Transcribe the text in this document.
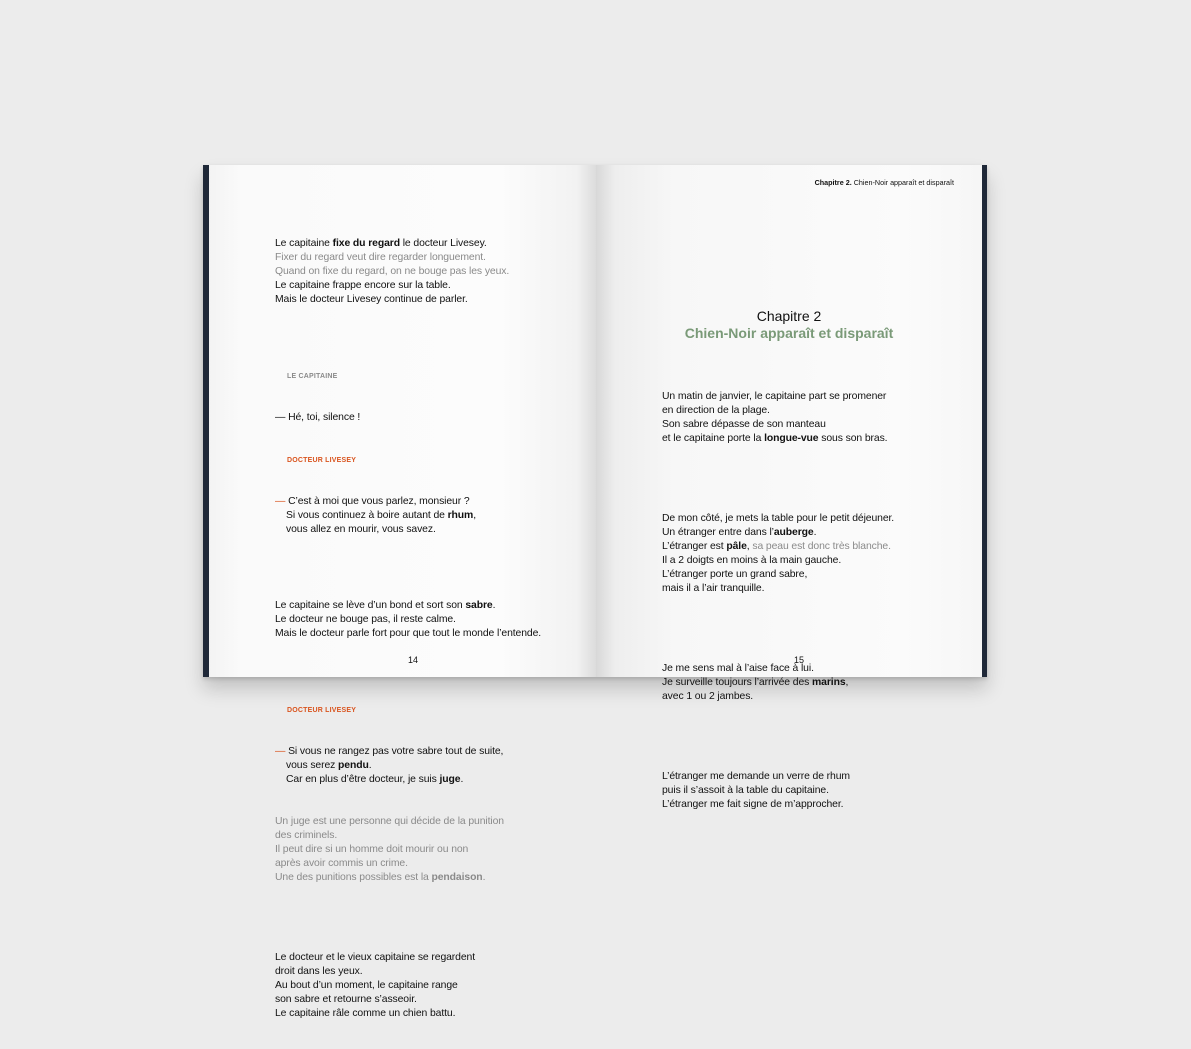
Le capitaine fixe du regard le docteur Livesey.
Fixer du regard veut dire regarder longuement.
Quand on fixe du regard, on ne bouge pas les yeux.
Le capitaine frappe encore sur la table.
Mais le docteur Livesey continue de parler.

LE CAPITAINE

— Hé, toi, silence !

DOCTEUR LIVESEY

— C’est à moi que vous parlez, monsieur ?
Si vous continuez à boire autant de rhum,
vous allez en mourir, vous savez.

Le capitaine se lève d’un bond et sort son sabre.
Le docteur ne bouge pas, il reste calme.
Mais le docteur parle fort pour que tout le monde l’entende.

DOCTEUR LIVESEY

— Si vous ne rangez pas votre sabre tout de suite,
vous serez pendu.
Car en plus d’être docteur, je suis juge.

Un juge est une personne qui décide de la punition
des criminels.
Il peut dire si un homme doit mourir ou non
après avoir commis un crime.
Une des punitions possibles est la pendaison.

Le docteur et le vieux capitaine se regardent
droit dans les yeux.
Au bout d’un moment, le capitaine range
son sabre et retourne s’asseoir.
Le capitaine râle comme un chien battu.

14
Chapitre 2. Chien-Noir apparaît et disparaît
Chapitre 2
Chien-Noir apparaît et disparaît

Un matin de janvier, le capitaine part se promener
en direction de la plage.
Son sabre dépasse de son manteau
et le capitaine porte la longue-vue sous son bras.

De mon côté, je mets la table pour le petit déjeuner.
Un étranger entre dans l’auberge.
L’étranger est pâle, sa peau est donc très blanche.
Il a 2 doigts en moins à la main gauche.
L’étranger porte un grand sabre,
mais il a l’air tranquille.

Je me sens mal à l’aise face à lui.
Je surveille toujours l’arrivée des marins,
avec 1 ou 2 jambes.

L’étranger me demande un verre de rhum
puis il s’assoit à la table du capitaine.
L’étranger me fait signe de m’approcher.

15
